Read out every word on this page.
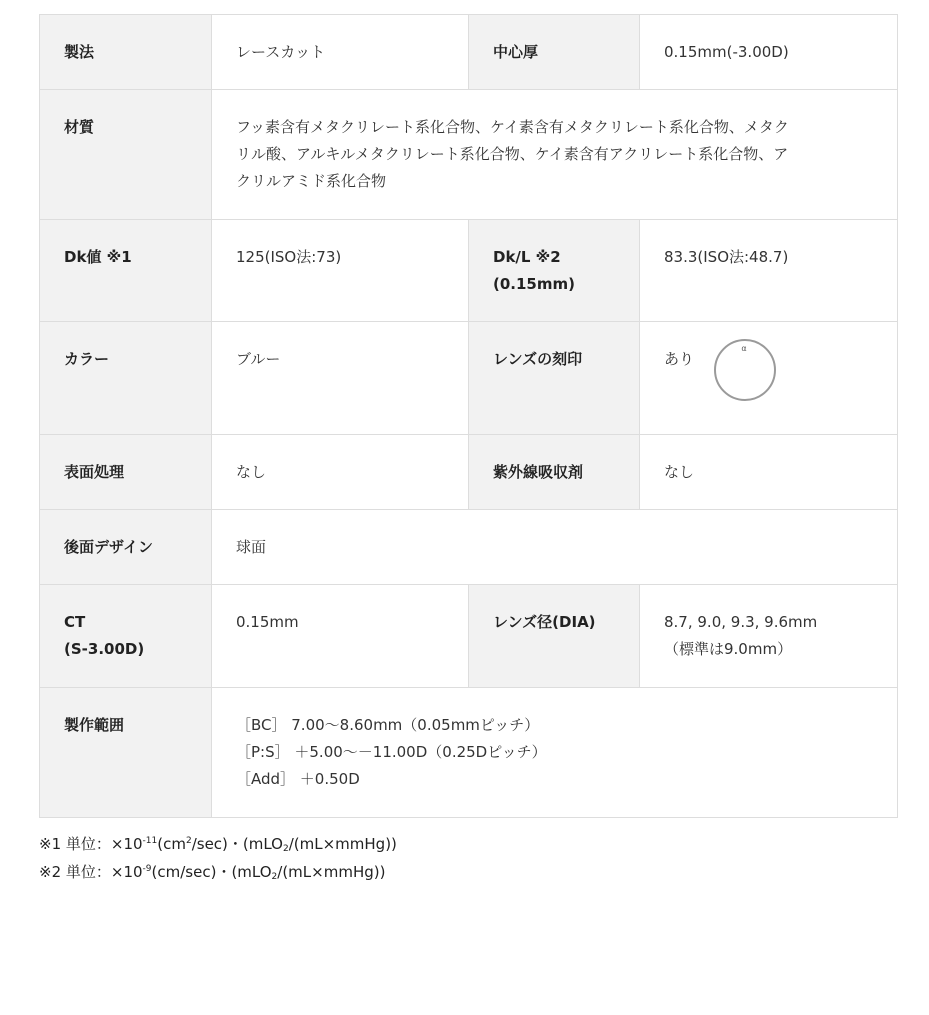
製法	レースカット	中心厚	0.15mm(-3.00D)
材質	フッ素含有メタクリレート系化合物、ケイ素含有メタクリレート系化合物、メタク
リル酸、アルキルメタクリレート系化合物、ケイ素含有アクリレート系化合物、ア
クリルアミド系化合物		

Dk値 ※1	125(ISO法:73)	Dk/L ※2
(0.15mm)	83.3(ISO法:48.7)
カラー	ブルー	レンズの刻印	あり
α

表面処理	なし	紫外線吸収剤	なし
後面デザイン	球面		

CT
(S-3.00D)	0.15mm	レンズ径(DIA)	8.7, 9.0, 9.3, 9.6mm
（標準は9.0mm）

製作範囲	［BC］ 7.00～8.60mm（0.05mmピッチ）
［P:S］ ＋5.00～－11.00D（0.25Dピッチ）
［Add］ ＋0.50D		
※1 単位：$\times 10^{-11}(cm^2/\sec)$・(mLO$_2$/(mL×mmHg))
※2 単位：$\times 10^{-9}(cm/\sec)$・(mLO$_2$/(mL×mmHg))
